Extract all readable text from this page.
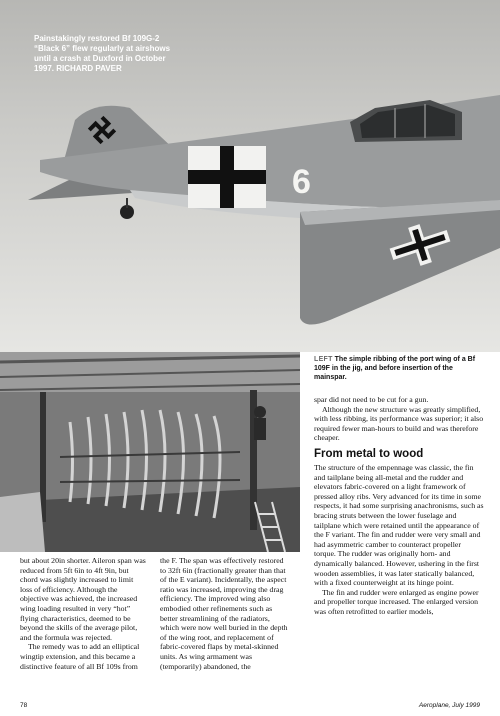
6

Painstakingly restored Bf 109G-2

“Black 6” flew regularly at airshows

until a crash at Duxford in October

1997. RICHARD PAVER

LEFT The simple ribbing of the port wing of a Bf 109F in the jig, and before insertion of the mainspar.

but about 20in shorter. Aileron span was reduced from 5ft 6in to 4ft 9in, but chord was slightly increased to limit loss of efficiency. Although the objective was achieved, the increased wing loading resulted in very “hot” flying characteristics, deemed to be beyond the skills of the average pilot, and the formula was rejected.

The remedy was to add an elliptical wingtip extension, and this became a distinctive feature of all Bf 109s from

the F. The span was effectively restored to 32ft 6in (fractionally greater than that of the E variant). Incidentally, the aspect ratio was increased, improving the drag efficiency. The improved wing also embodied other refinements such as better streamlining of the radiators, which were now well buried in the depth of the wing root, and replacement of fabric-covered flaps by metal-skinned units. As wing armament was (temporarily) abandoned, the

spar did not need to be cut for a gun.

Although the new structure was greatly simplified, with less ribbing, its performance was superior; it also required fewer man-hours to build and was therefore cheaper.

From metal to wood

The structure of the empennage was classic, the fin and tailplane being all-metal and the rudder and elevators fabric-covered on a light framework of pressed alloy ribs. Very advanced for its time in some respects, it had some surprising anachronisms, such as bracing struts between the lower fuselage and tailplane which were retained until the appearance of the F variant. The fin and rudder were very small and had asymmetric camber to counteract propeller torque. The rudder was originally horn- and dynamically balanced. However, ushering in the first wooden assemblies, it was later statically balanced, with a fixed counterweight at its hinge point.

The fin and rudder were enlarged as engine power and propeller torque increased. The enlarged version was often retrofitted to earlier models,

78	Aeroplane, July 1999
